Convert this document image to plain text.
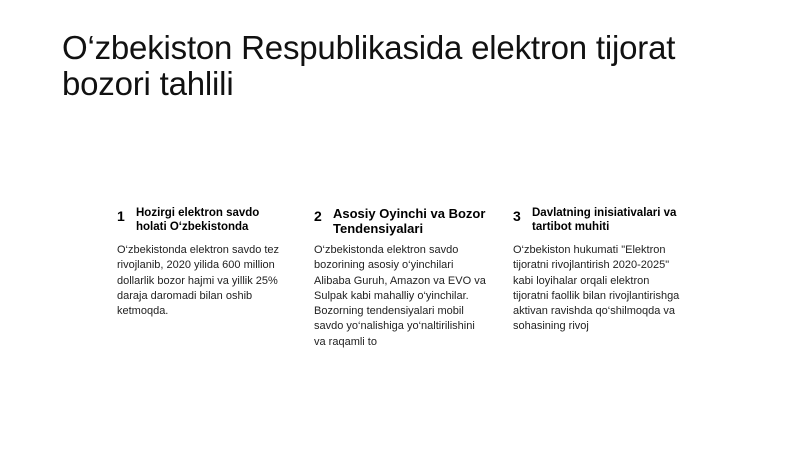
O‘zbekiston Respublikasida elektron tijorat bozori tahlili
1 Hozirgi elektron savdo holati O‘zbekistonda
O‘zbekistonda elektron savdo tez rivojlanib, 2020 yilida 600 million dollarlik bozor hajmi va yillik 25% daraja daromadi bilan oshib ketmoqda.
2 Asosiy Oyinchi va Bozor Tendensiyalari
O‘zbekistonda elektron savdo bozorining asosiy o‘yinchilari Alibaba Guruh, Amazon va EVO va Sulpak kabi mahalliy o‘yinchilar. Bozorning tendensiyalari mobil savdo yo‘nalishiga yo‘naltirilishini va raqamli to
3 Davlatning inisiativalari va tartibot muhiti
O‘zbekiston hukumati "Elektron tijoratni rivojlantirish 2020-2025" kabi loyihalar orqali elektron tijoratni faollik bilan rivojlantirishga aktivan ravishda qo‘shilmoqda va sohasining rivoj
